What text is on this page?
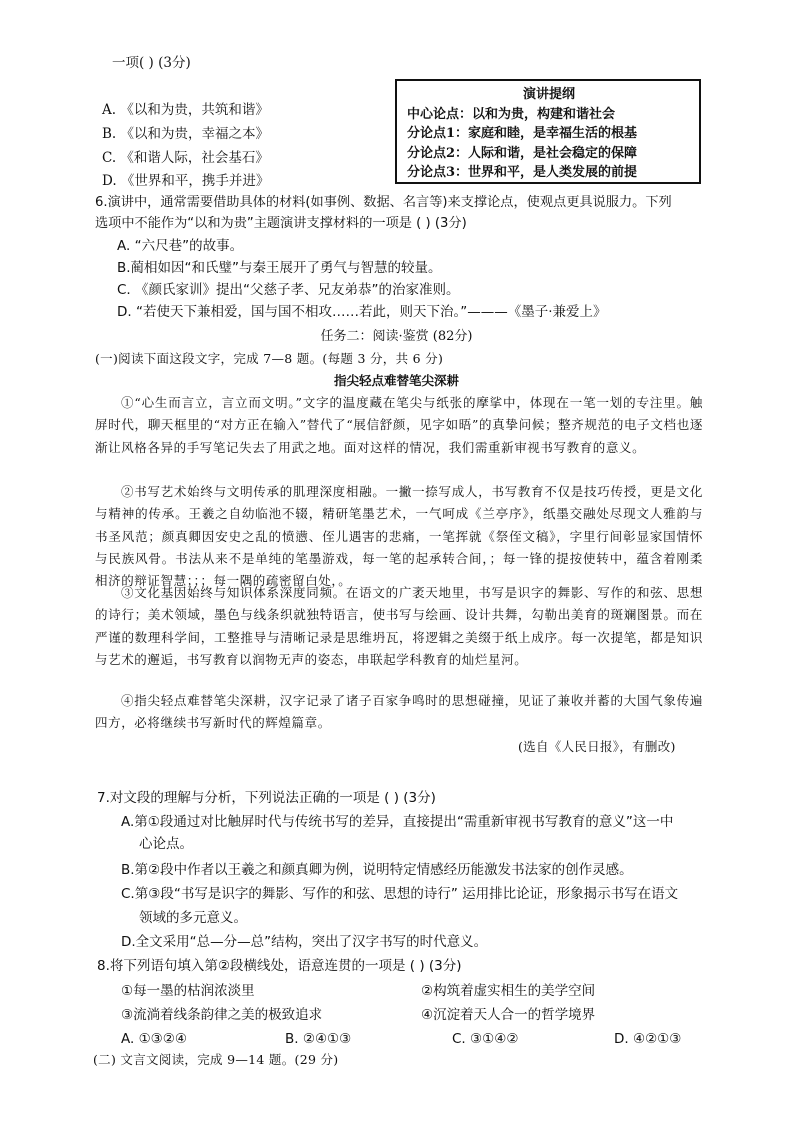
一项( ) (3分)
A. 《以和为贵，共筑和谐》
B. 《以和为贵，幸福之本》
C. 《和谐人际，社会基石》
D. 《世界和平，携手并进》
演讲提纲
中心论点：以和为贵，构建和谐社会
分论点1：家庭和睦，是幸福生活的根基
分论点2：人际和谐，是社会稳定的保障
分论点3：世界和平，是人类发展的前提
6.演讲中，通常需要借助具体的材料(如事例、数据、名言等)来支撑论点，使观点更具说服力。下列
选项中不能作为“以和为贵”主题演讲支撑材料的一项是 ( ) (3分)
A. “六尺巷”的故事。
B.蔺相如因“和氏璧”与秦王展开了勇气与智慧的较量。
C. 《颜氏家训》提出“父慈子孝、兄友弟恭”的治家准则。
D. “若使天下兼相爱，国与国不相攻……若此，则天下治。”———《墨子·兼爱上》
任务二：阅读·鉴赏 (82分)
(一)阅读下面这段文字，完成 7—8 题。(每题 3 分，共 6 分)
指尖轻点难替笔尖深耕
①“心生而言立，言立而文明。”文字的温度藏在笔尖与纸张的摩挲中，体现在一笔一划的专注里。触屏时代，聊天框里的“对方正在输入”替代了“展信舒颜，见字如晤”的真挚问候；整齐规范的电子文档也逐渐让风格各异的手写笔记失去了用武之地。面对这样的情况，我们需重新审视书写教育的意义。
②书写艺术始终与文明传承的肌理深度相融。一撇一捺写成人，书写教育不仅是技巧传授，更是文化与精神的传承。王羲之自幼临池不辍，精研笔墨艺术，一气呵成《兰亭序》，纸墨交融处尽现文人雅韵与书圣风范；颜真卿因安史之乱的愤懑、侄儿遇害的悲痛，一笔挥就《祭侄文稿》，字里行间彰显家国情怀与民族风骨。书法从来不是单纯的笔墨游戏，每一笔的起承转合间，；每一锋的提按使转中，蕴含着刚柔相济的辩证智慧；；；每一隅的疏密留白处，。
③文化基因始终与知识体系深度同频。在语文的广袤天地里，书写是识字的舞影、写作的和弦、思想的诗行；美术领域，墨色与线条织就独特语言，使书写与绘画、设计共舞，勾勒出美育的斑斓图景。而在严谨的数理科学间，工整推导与清晰记录是思维坍瓦，将逻辑之美缀于纸上成序。每一次提笔，都是知识与艺术的邂逅，书写教育以润物无声的姿态，串联起学科教育的灿烂星河。
④指尖轻点难替笔尖深耕，汉字记录了诸子百家争鸣时的思想碰撞，见证了兼收并蓄的大国气象传遍四方，必将继续书写新时代的辉煌篇章。
(选自《人民日报》，有删改)
7.对文段的理解与分析，下列说法正确的一项是 ( ) (3分)
A.第①段通过对比触屏时代与传统书写的差异，直接提出“需重新审视书写教育的意义”这一中
心论点。
B.第②段中作者以王羲之和颜真卿为例，说明特定情感经历能激发书法家的创作灵感。
C.第③段“书写是识字的舞影、写作的和弦、思想的诗行” 运用排比论证，形象揭示书写在语文
领域的多元意义。
D.全文采用“总—分—总”结构，突出了汉字书写的时代意义。
8.将下列语句填入第②段横线处，语意连贯的一项是 ( ) (3分)
①每一墨的枯润浓淡里	②构筑着虚实相生的美学空间
③流淌着线条韵律之美的极致追求	④沉淀着天人合一的哲学境界
A. ①③②④	B. ②④①③	C. ③①④②	D. ④②①③
(二) 文言文阅读，完成 9—14 题。(29 分)
